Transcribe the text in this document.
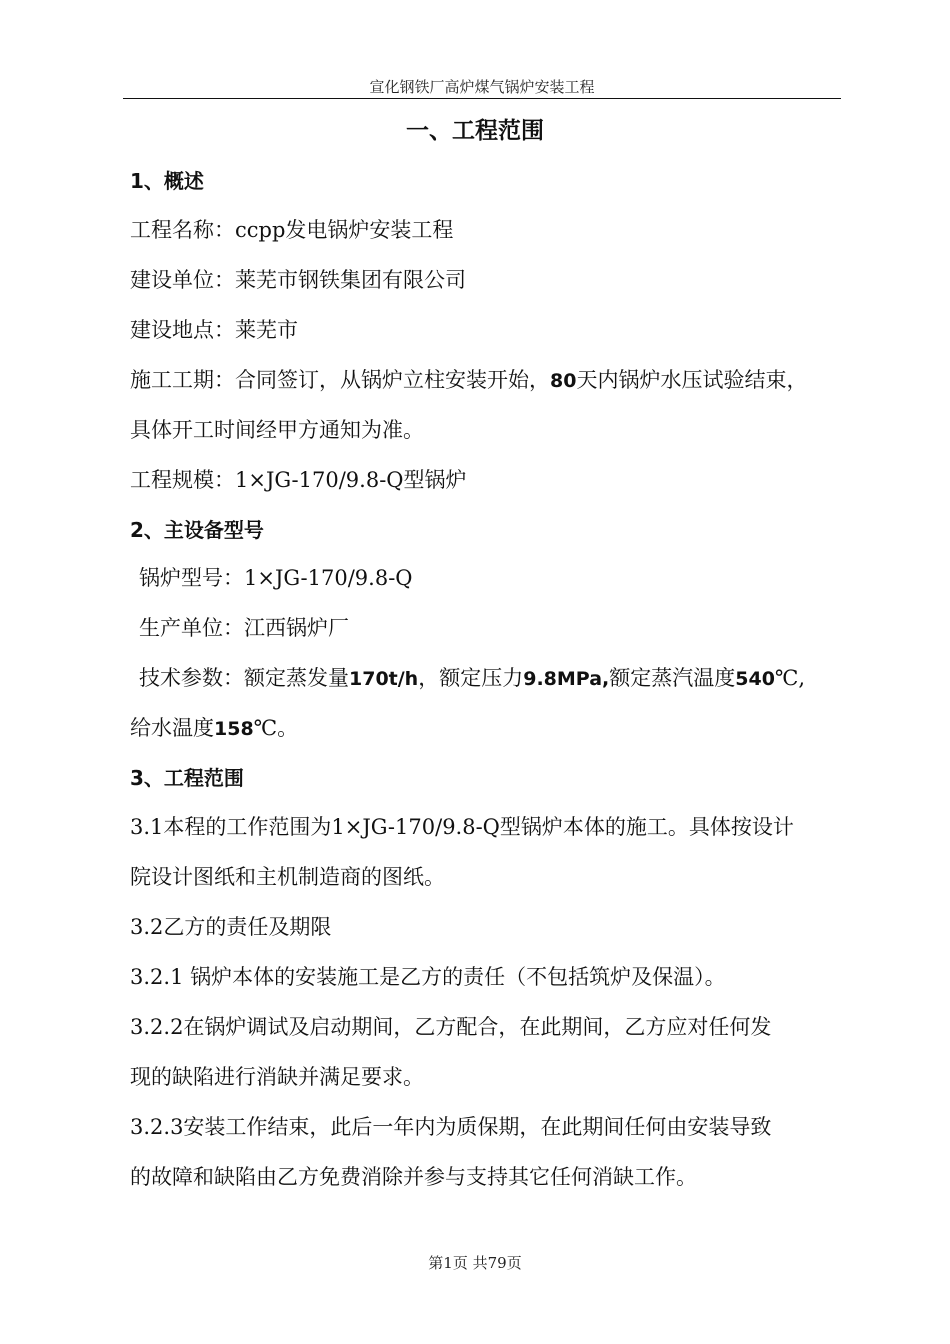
宣化钢铁厂高炉煤气锅炉安装工程
一、工程范围
1、概述
工程名称：ccpp发电锅炉安装工程
建设单位：莱芜市钢铁集团有限公司
建设地点：莱芜市
施工工期：合同签订，从锅炉立柱安装开始，80天内锅炉水压试验结束，
具体开工时间经甲方通知为准。
工程规模：1×JG-170/9.8-Q型锅炉
2、主设备型号
锅炉型号：1×JG-170/9.8-Q
生产单位：江西锅炉厂
技术参数：额定蒸发量170t/h，额定压力9.8MPa,额定蒸汽温度540℃,
给水温度158℃。
3、工程范围
3.1本程的工作范围为1×JG-170/9.8-Q型锅炉本体的施工。具体按设计
院设计图纸和主机制造商的图纸。
3.2乙方的责任及期限
3.2.1 锅炉本体的安装施工是乙方的责任（不包括筑炉及保温）。
3.2.2在锅炉调试及启动期间，乙方配合，在此期间，乙方应对任何发
现的缺陷进行消缺并满足要求。
3.2.3安装工作结束，此后一年内为质保期，在此期间任何由安装导致
的故障和缺陷由乙方免费消除并参与支持其它任何消缺工作。
第1页 共79页
